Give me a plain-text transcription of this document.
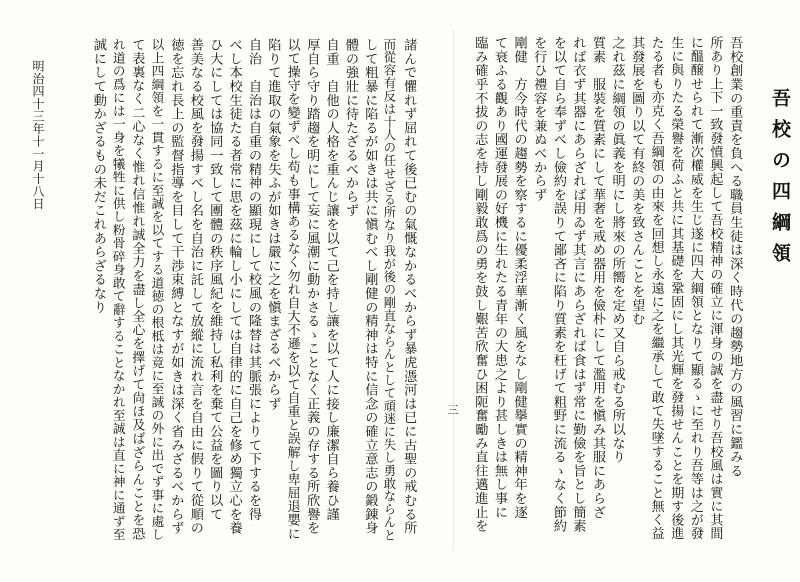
吾校の四綱領
吾校創業の重責を負へる職員生徒は深く時代の趨勢地方の風習に鑑みる
所あり上下一致發憤興起して吾校精神の確立に渾身の誠を盡せり吾校風は實に其間
に醞醸せられて漸次權威を生じ遂に四大綱領となりて顯るゝに至れり吾等は之が發
生に與りたる榮譽を荷ふと共に其基礎を鞏固にし其光輝を發揚せんことを期す後進
たる者も亦克く吾綱領の由來を回想し永遠に之を繼承して敢て失墜すること無く益
其發展を圖り以て有終の美を致さんことを望む
之れ茲に綱領の眞義を明にし將來の所嚮を定め又自ら戒むる所以なり
質素　服裝を質素にして華奢を戒め器用を儉朴にして濫用を愼み其服にあらざ
れば衣ず其器にあらざれば用ゐず其言にあらざれば食はず常に勤儉を旨とし簡素
を以て自ら奉ずべし儉約を誤りて鄙吝に陷り質素を枉げて粗野に流るゝなく節約
を行ひ禮容を兼ぬべからず
剛健　方今時代の趨勢を察するに優柔浮華漸く風をなし剛健擧實の精神年を逐
て衰ふる觀あり國運發展の好機に生れたる青年の大患之より甚しきは無し事に
臨み確乎不拔の志を持し剛毅敢爲の勇を鼓し艱苦欣奮ひ困阨奮勵み直往邁進止を
三
諸んで懼れず屈れて後已むの氣慨なかるべからず暴虎憑河は已に古聖の戒むる所
而從容有反は十人の任せざる所なり我が後の剛直ならんとして頑迷に失し勇敢ならんと
して粗暴に陷るが如きは共に愼むべし剛健の精神は特に信念の確立意志の鍛錬身
體の強壯に待たざるべからず
自重　自他の人格を重んじ讓を以て己を持し讓を以て人に接し廉潔自ら養ひ謹
厚自ら守り踏趨を明にして妄に風潮に動かさるゝことなく正義の存する所欣譽を
以て操守を變ずべし苟も事構あるなく勿れ自大不遜を以て自重と誤解し卑屈退嬰に
陷りて進取の氣象を失ふが如きは嚴に之を愼まざるべからず
自治　自治は自重の精神の顯現にして校風の隆替は其脈張によりて下するを得
べし本校生徒たる者常に思を茲に輪し小にしては自律的に自己を修め獨立心を養
ひ大にしては協同一致して團體の秩序風紀を維持し私利を棄て公益を圖り以て
善美なる校風を發揚すべし名を自治に託して放縱に流れ言を自由に假りて從順の
徳を忘れ長上の監督指導を目して干渉束縛となすが如きは深く省みざるべからず
以上四綱領を一貫するに至誠を以てする道徳の根柢は竟に至誠の外に出でず事に處し
て表裏なく二心なく惟れ信惟れ誠全力を盡し全心を擇げて尙ほ及ばざらんことを恐
れ道の爲には一身を犧牲に供し粉骨碎身敢て辭することなかれ至誠は直に神に通ず至
誠にして動かざるもの未だこれあらざるなり
明治四十三年十一月十八日
